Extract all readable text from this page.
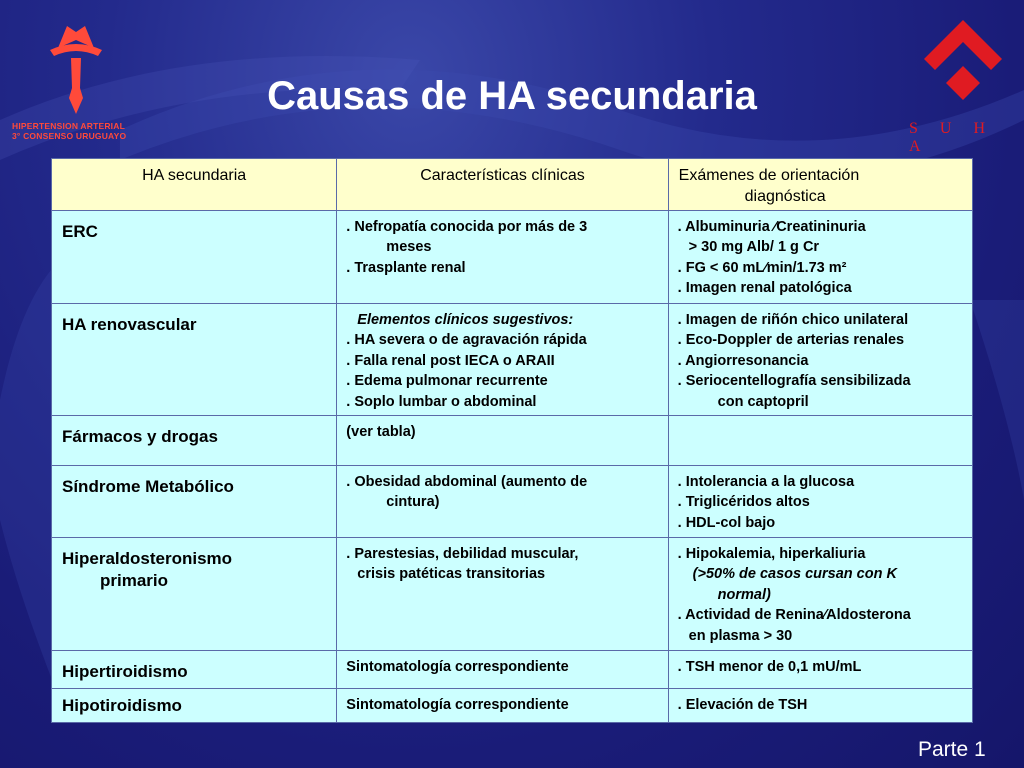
HIPERTENSION ARTERIAL
3° CONSENSO URUGUAYO	S U H A
Causas de HA secundaria
HA secundaria	Características clínicas	Exámenes de orientación
diagnóstica

ERC	. Nefropatía conocida por más de 3
meses
. Trasplante renal	. Albuminuria ⁄Creatininuria
> 30 mg Alb/ 1 g Cr
. FG < 60 mL⁄min/1.73 m²
. Imagen renal patológica

HA renovascular	Elementos clínicos sugestivos:
. HA severa o de agravación rápida
. Falla renal post IECA o ARAII
. Edema pulmonar recurrente
. Soplo lumbar o abdominal	. Imagen de riñón chico unilateral
. Eco-Doppler de arterias renales
. Angiorresonancia
. Seriocentellografía sensibilizada
con captopril

Fármacos y drogas	(ver tabla)	

Síndrome Metabólico	. Obesidad abdominal (aumento de
cintura)	. Intolerancia a la glucosa
. Triglicéridos altos
. HDL-col bajo

Hiperaldosteronismo
primario	. Parestesias, debilidad muscular,
crisis patéticas transitorias	. Hipokalemia, hiperkaliuria
(>50% de casos cursan con K
normal)
. Actividad de Renina⁄Aldosterona
en plasma > 30

Hipertiroidismo	Sintomatología correspondiente	. TSH menor de 0,1 mU/mL

Hipotiroidismo	Sintomatología correspondiente	. Elevación de TSH
Parte 1
